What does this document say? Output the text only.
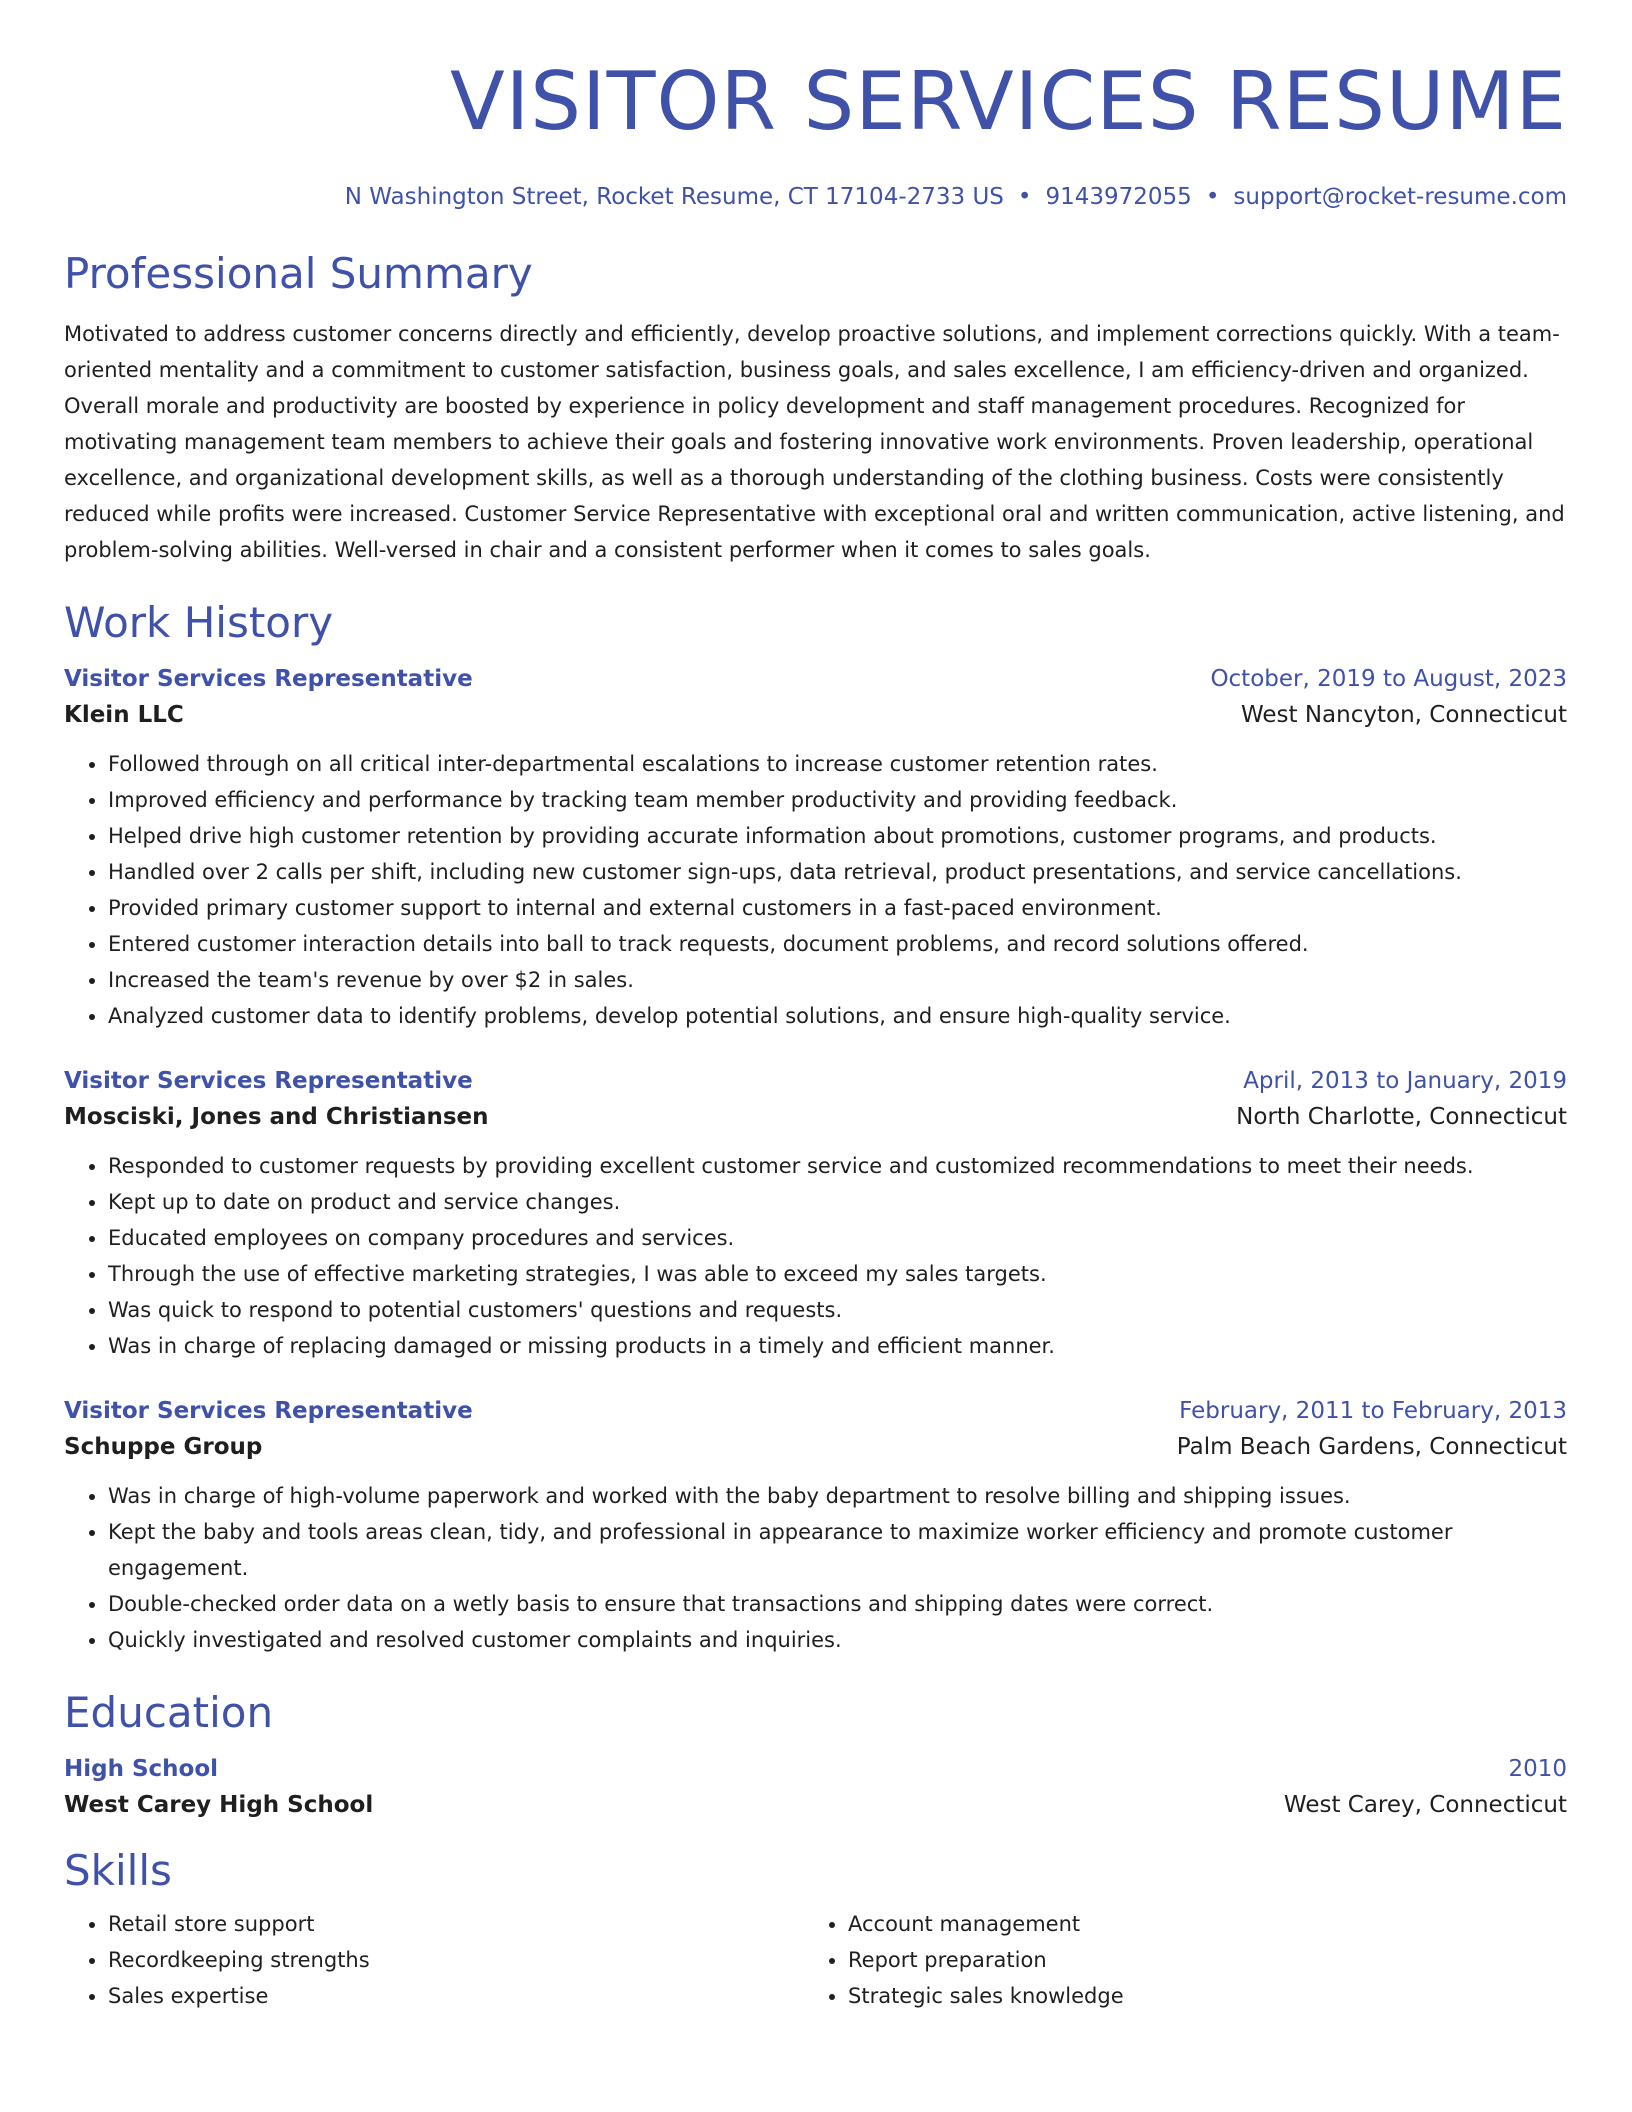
VISITOR SERVICES RESUME
N Washington Street, Rocket Resume, CT 17104-2733 US • 9143972055 • support@rocket-resume.com
Professional Summary
Motivated to address customer concerns directly and efficiently, develop proactive solutions, and implement corrections quickly. With a team-oriented mentality and a commitment to customer satisfaction, business goals, and sales excellence, I am efficiency-driven and organized. Overall morale and productivity are boosted by experience in policy development and staff management procedures. Recognized for motivating management team members to achieve their goals and fostering innovative work environments. Proven leadership, operational excellence, and organizational development skills, as well as a thorough understanding of the clothing business. Costs were consistently reduced while profits were increased. Customer Service Representative with exceptional oral and written communication, active listening, and problem-solving abilities. Well-versed in chair and a consistent performer when it comes to sales goals.
Work History
Visitor Services Representative	October, 2019 to August, 2023
Klein LLC	West Nancyton, Connecticut
• Followed through on all critical inter-departmental escalations to increase customer retention rates.
• Improved efficiency and performance by tracking team member productivity and providing feedback.
• Helped drive high customer retention by providing accurate information about promotions, customer programs, and products.
• Handled over 2 calls per shift, including new customer sign-ups, data retrieval, product presentations, and service cancellations.
• Provided primary customer support to internal and external customers in a fast-paced environment.
• Entered customer interaction details into ball to track requests, document problems, and record solutions offered.
• Increased the team's revenue by over $2 in sales.
• Analyzed customer data to identify problems, develop potential solutions, and ensure high-quality service.
Visitor Services Representative	April, 2013 to January, 2019
Mosciski, Jones and Christiansen	North Charlotte, Connecticut
• Responded to customer requests by providing excellent customer service and customized recommendations to meet their needs.
• Kept up to date on product and service changes.
• Educated employees on company procedures and services.
• Through the use of effective marketing strategies, I was able to exceed my sales targets.
• Was quick to respond to potential customers' questions and requests.
• Was in charge of replacing damaged or missing products in a timely and efficient manner.
Visitor Services Representative	February, 2011 to February, 2013
Schuppe Group	Palm Beach Gardens, Connecticut
• Was in charge of high-volume paperwork and worked with the baby department to resolve billing and shipping issues.
• Kept the baby and tools areas clean, tidy, and professional in appearance to maximize worker efficiency and promote customer engagement.
• Double-checked order data on a wetly basis to ensure that transactions and shipping dates were correct.
• Quickly investigated and resolved customer complaints and inquiries.
Education
High School	2010
West Carey High School	West Carey, Connecticut
Skills
• Retail store support
• Recordkeeping strengths
• Sales expertise
• Account management
• Report preparation
• Strategic sales knowledge
